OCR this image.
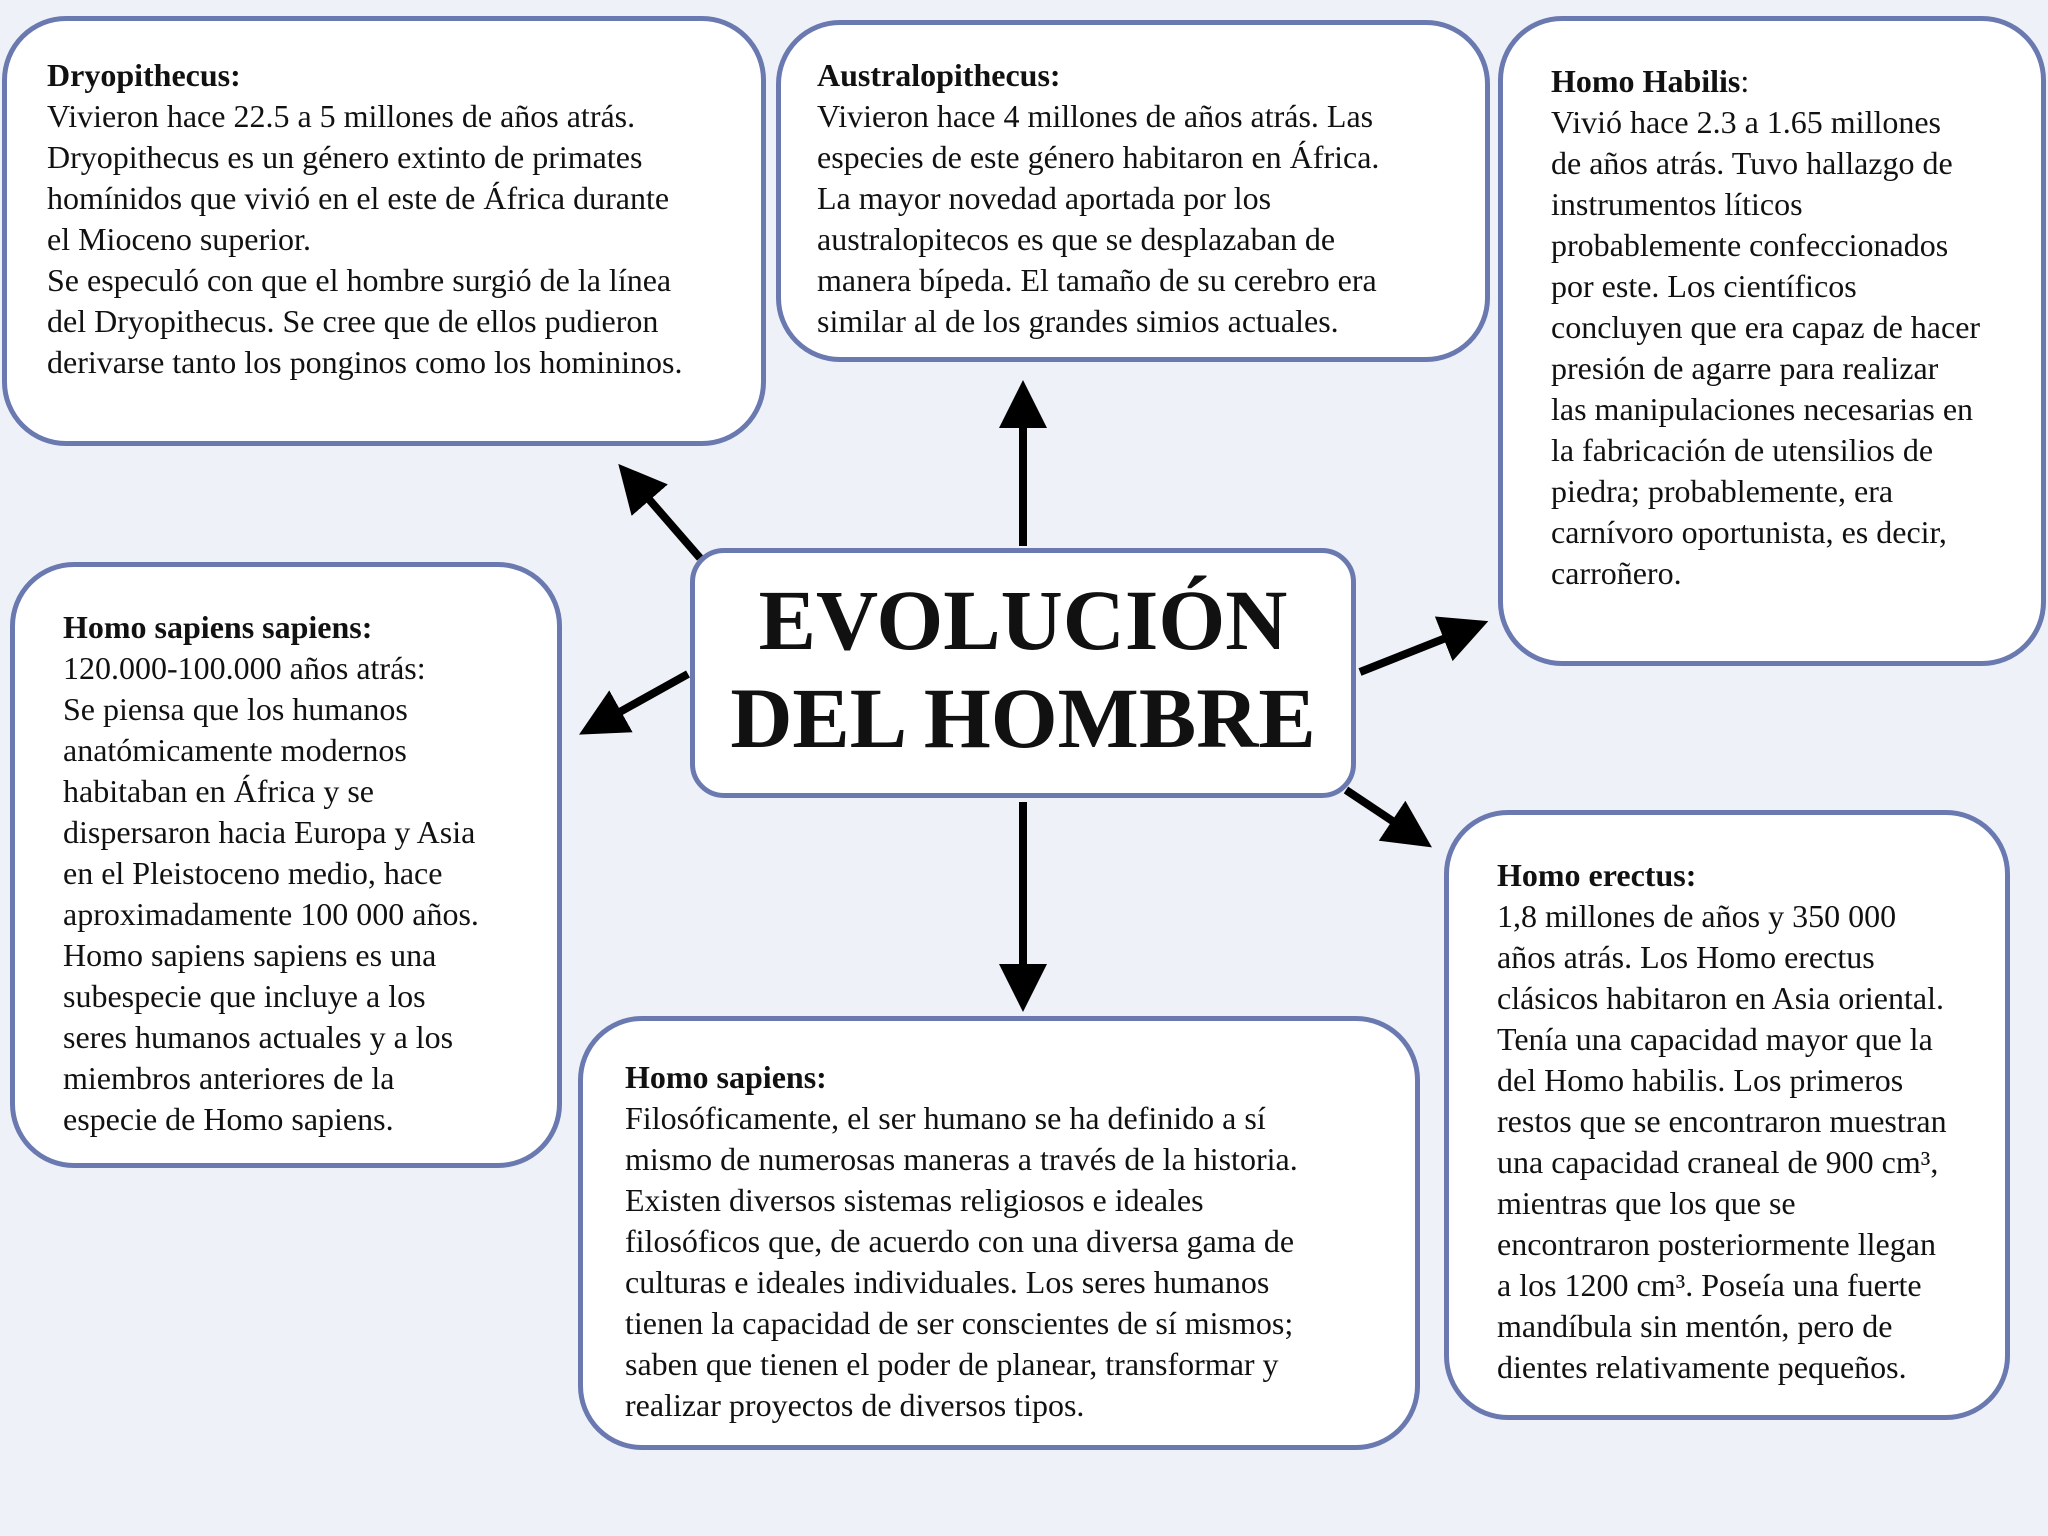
Dryopithecus:
Vivieron hace 22.5 a 5 millones de años atrás.
Dryopithecus es un género extinto de primates
homínidos que vivió en el este de África durante
el Mioceno superior.
Se especuló con que el hombre surgió de la línea
del Dryopithecus. Se cree que de ellos pudieron
derivarse tanto los ponginos como los homininos.
Australopithecus:
Vivieron hace 4 millones de años atrás. Las
especies de este género habitaron en África.
La mayor novedad aportada por los
australopitecos es que se desplazaban de
manera bípeda. El tamaño de su cerebro era
similar al de los grandes simios actuales.
Homo Habilis:
Vivió hace 2.3 a 1.65 millones
de años atrás. Tuvo hallazgo de
instrumentos líticos
probablemente confeccionados
por este. Los científicos
concluyen que era capaz de hacer
presión de agarre para realizar
las manipulaciones necesarias en
la fabricación de utensilios de
piedra; probablemente, era
carnívoro oportunista, es decir,
carroñero.
Homo sapiens sapiens:
120.000-100.000 años atrás:
Se piensa que los humanos
anatómicamente modernos
habitaban en África y se
dispersaron hacia Europa y Asia
en el Pleistoceno medio, hace
aproximadamente 100 000 años.
Homo sapiens sapiens es una
subespecie que incluye a los
seres humanos actuales y a los
miembros anteriores de la
especie de Homo sapiens.
Homo sapiens:
Filosóficamente, el ser humano se ha definido a sí
mismo de numerosas maneras a través de la historia.
Existen diversos sistemas religiosos e ideales
filosóficos que, de acuerdo con una diversa gama de
culturas e ideales individuales. Los seres humanos
tienen la capacidad de ser conscientes de sí mismos;
saben que tienen el poder de planear, transformar y
realizar proyectos de diversos tipos.
Homo erectus:
1,8 millones de años y 350 000
años atrás. Los Homo erectus
clásicos habitaron en Asia oriental.
Tenía una capacidad mayor que la
del Homo habilis. Los primeros
restos que se encontraron muestran
una capacidad craneal de 900 cm³,
mientras que los que se
encontraron posteriormente llegan
a los 1200 cm³. Poseía una fuerte
mandíbula sin mentón, pero de
dientes relativamente pequeños.
EVOLUCIÓN
DEL HOMBRE
